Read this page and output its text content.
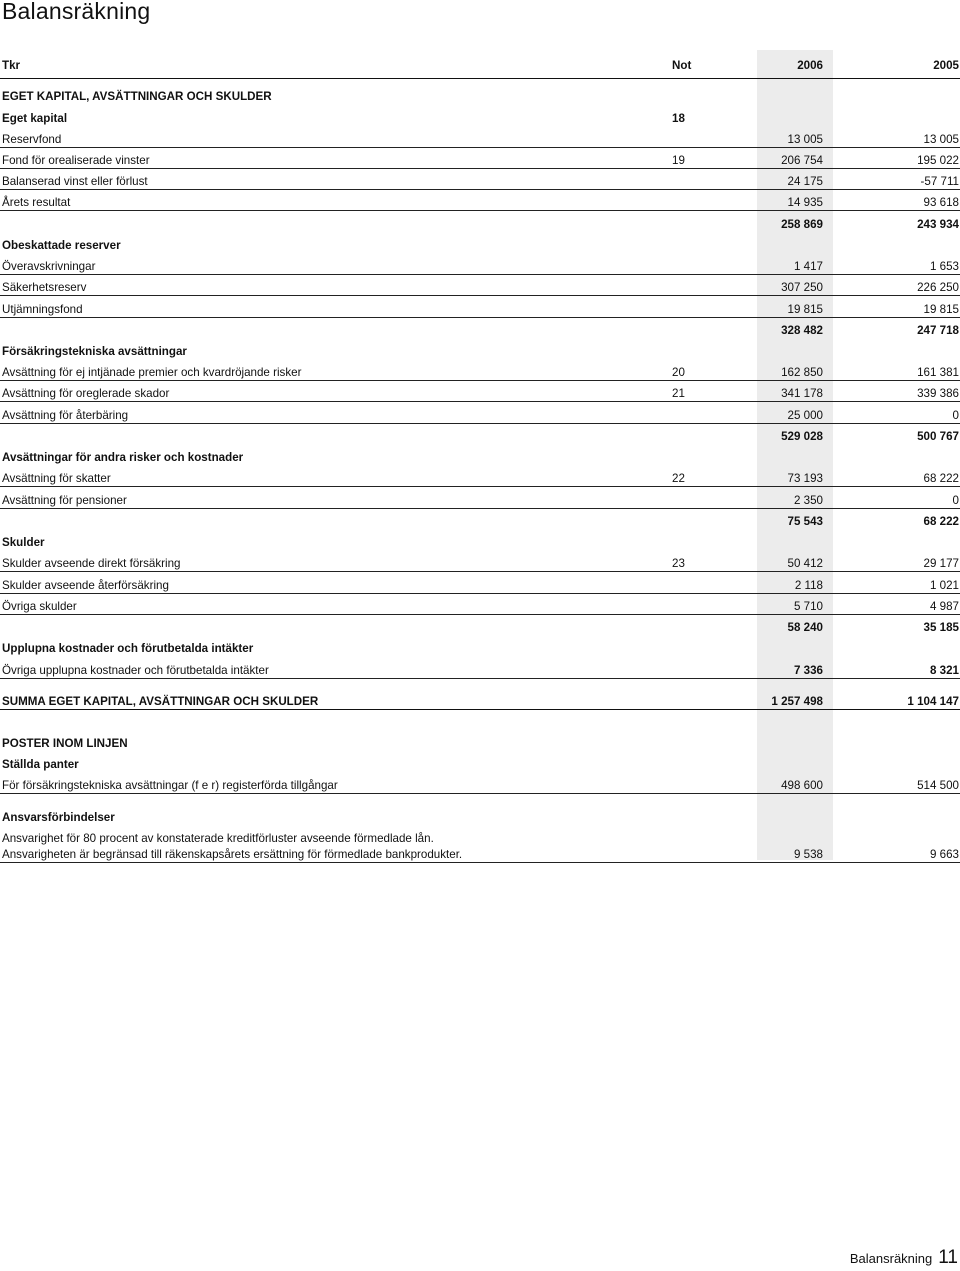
Balansräkning
Tkr	Not	2006	2005
EGET KAPITAL, AVSÄTTNINGAR OCH SKULDER
Eget kapital	18
Reservfond	13 005	13 005
Fond för orealiserade vinster	19	206 754	195 022
Balanserad vinst eller förlust	24 175	-57 711
Årets resultat	14 935	93 618
258 869	243 934
Obeskattade reserver
Överavskrivningar	1 417	1 653
Säkerhetsreserv	307 250	226 250
Utjämningsfond	19 815	19 815
328 482	247 718
Försäkringstekniska avsättningar
Avsättning för ej intjänade premier och kvardröjande risker	20	162 850	161 381
Avsättning för oreglerade skador	21	341 178	339 386
Avsättning för återbäring	25 000	0
529 028	500 767
Avsättningar för andra risker och kostnader
Avsättning för skatter	22	73 193	68 222
Avsättning för pensioner	2 350	0
75 543	68 222
Skulder
Skulder avseende direkt försäkring	23	50 412	29 177
Skulder avseende återförsäkring	2 118	1 021
Övriga skulder	5 710	4 987
58 240	35 185
Upplupna kostnader och förutbetalda intäkter
Övriga upplupna kostnader och förutbetalda intäkter	7 336	8 321
SUMMA EGET KAPITAL, AVSÄTTNINGAR OCH SKULDER	1 257 498	1 104 147
POSTER INOM LINJEN
Ställda panter
För försäkringstekniska avsättningar (f e r) registerförda tillgångar	498 600	514 500
Ansvarsförbindelser
Ansvarighet för 80 procent av konstaterade kreditförluster avseende förmedlade lån.
Ansvarigheten är begränsad till räkenskapsårets ersättning för förmedlade bankprodukter.	9 538	9 663
Balansräkning 11
